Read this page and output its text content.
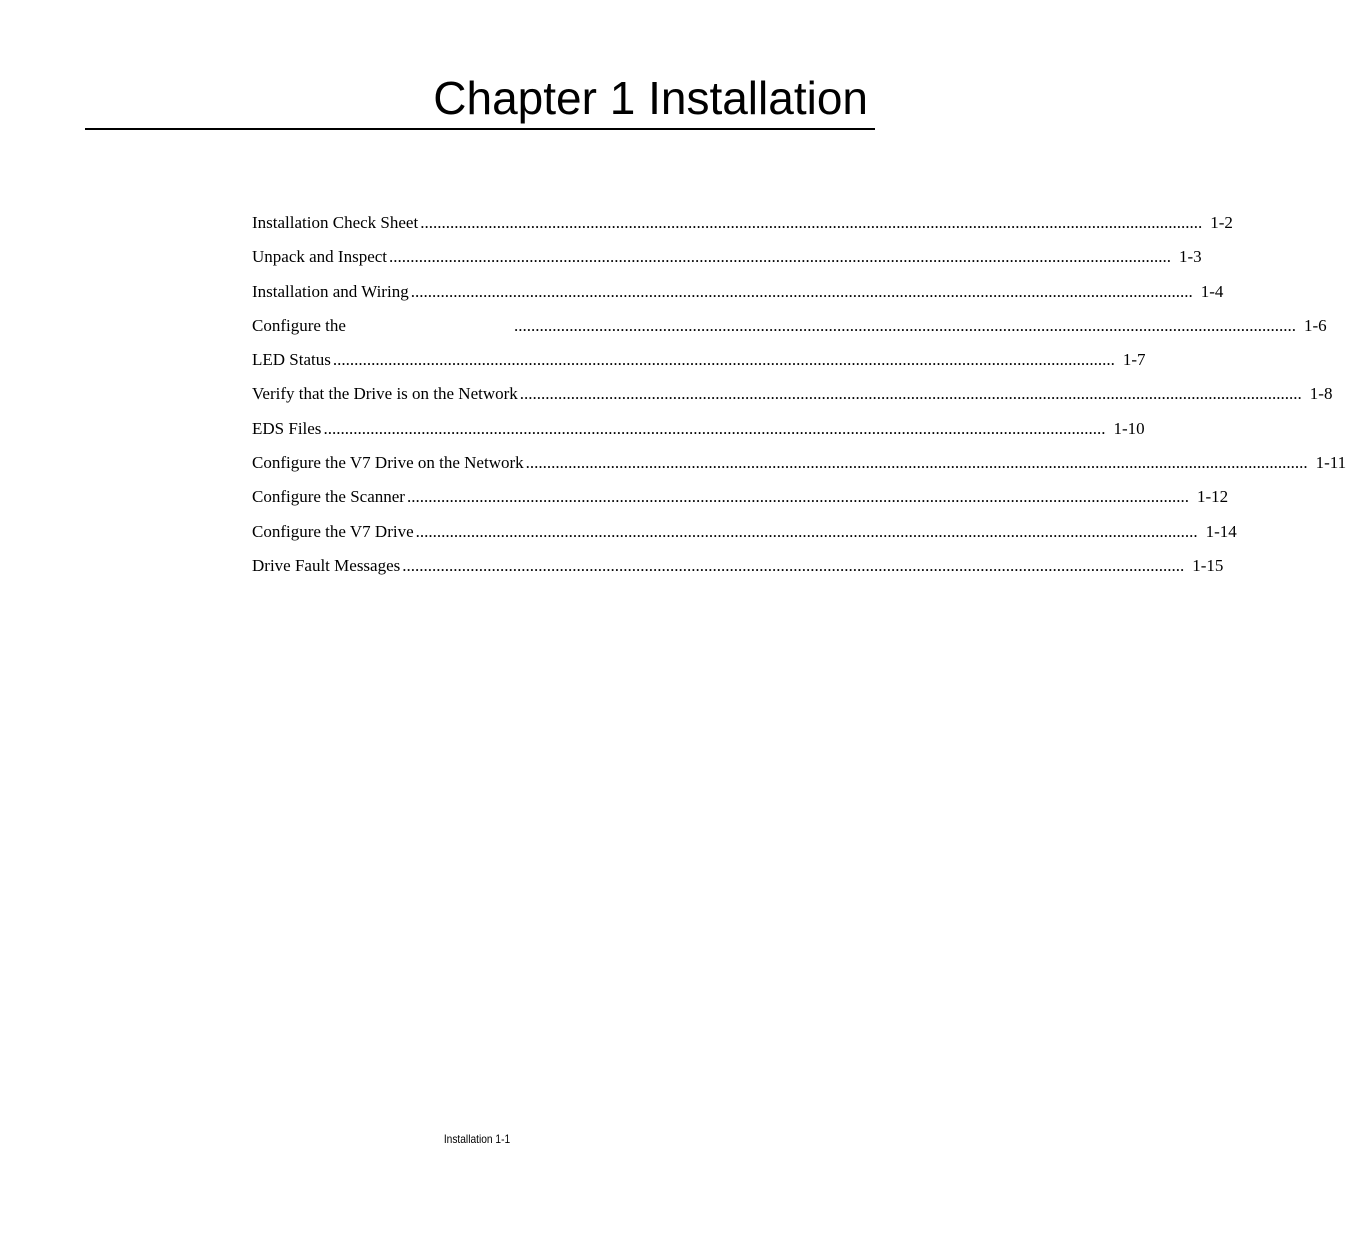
Chapter 1 Installation
Installation Check Sheet ........................................................................................................................................................................................ 1-2
Unpack and Inspect ........................................................................................................................................................................................ 1-3
Installation and Wiring ........................................................................................................................................................................................ 1-4
Configure the	........................................................................................................................................................................................ 1-6
LED Status ........................................................................................................................................................................................ 1-7
Verify that the Drive is on the Network ........................................................................................................................................................................................ 1-8
EDS Files ........................................................................................................................................................................................ 1-10
Configure the V7 Drive on the Network ........................................................................................................................................................................................ 1-11
Configure the Scanner ........................................................................................................................................................................................ 1-12
Configure the V7 Drive ........................................................................................................................................................................................ 1-14
Drive Fault Messages ........................................................................................................................................................................................ 1-15
Installation 1-1
